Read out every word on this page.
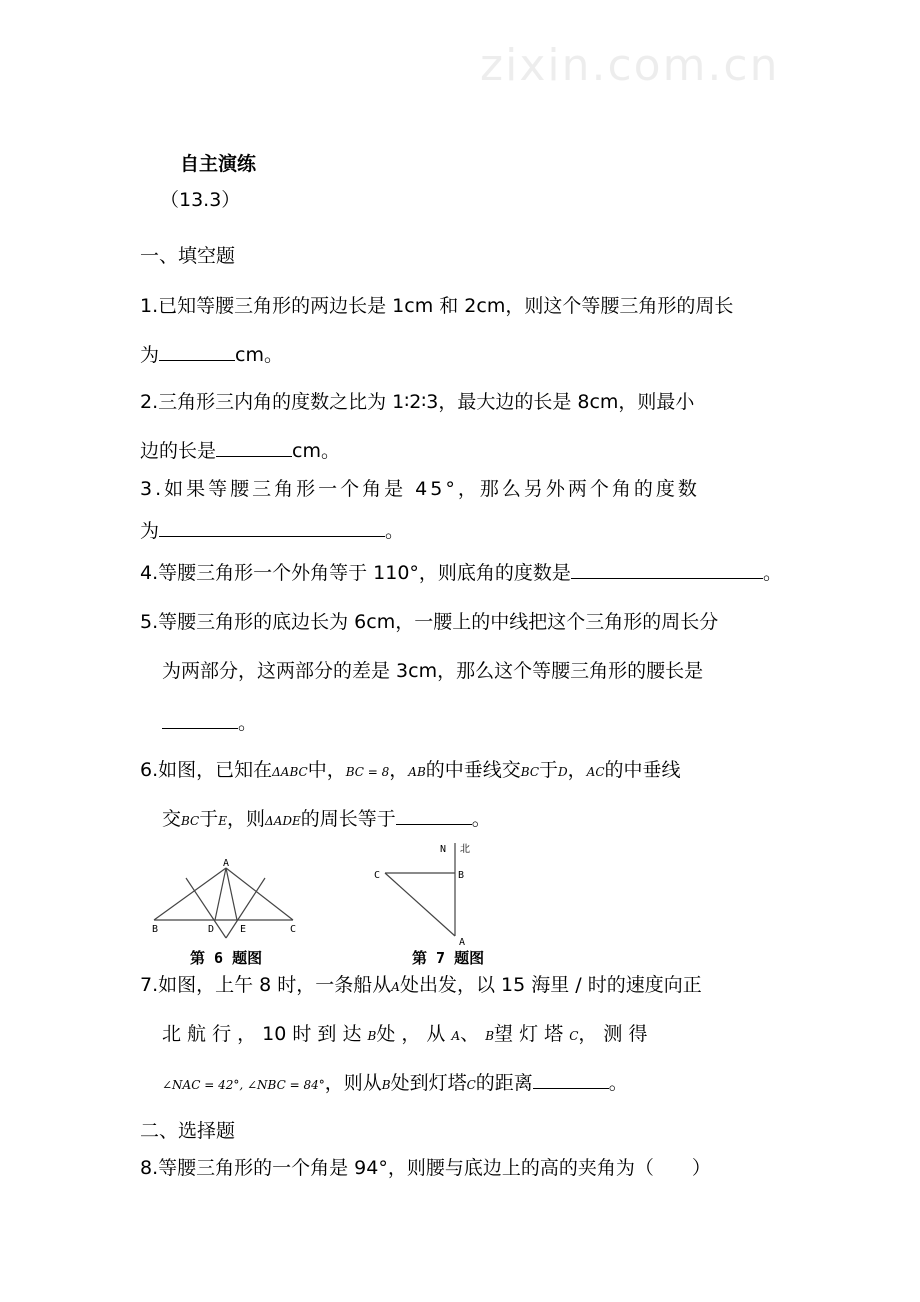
zixin.com.cn
自主演练
（13.3）
一、填空题
1.已知等腰三角形的两边长是 1cm 和 2cm，则这个等腰三角形的周长
为	cm。
2.三角形三内角的度数之比为 1∶2∶3，最大边的长是 8cm，则最小
边的长是	cm。
3.如果等腰三角形一个角是 45°，那么另外两个角的度数
为	。
4.等腰三角形一个外角等于 110°，则底角的度数是	。
5.等腰三角形的底边长为 6cm，一腰上的中线把这个三角形的周长分
为两部分，这两部分的差是 3cm，那么这个等腰三角形的腰长是
。
6.如图，已知在ΔABC中，BC = 8，AB的中垂线交BC于D，AC的中垂线
交BC于E，则ΔADE的周长等于	。
A
B	D	E	C
第 6 题图
N 北
C	B
A
第 7 题图
7.如图，上午 8 时，一条船从A处出发，以 15 海里 / 时的速度向正
北 航 行 ， 10 时 到 达 B处 ， 从 A、 B望 灯 塔 C， 测 得
∠NAC = 42°, ∠NBC = 84°，则从B处到灯塔C的距离	。
二、选择题
8.等腰三角形的一个角是 94°，则腰与底边上的高的夹角为（　　）
